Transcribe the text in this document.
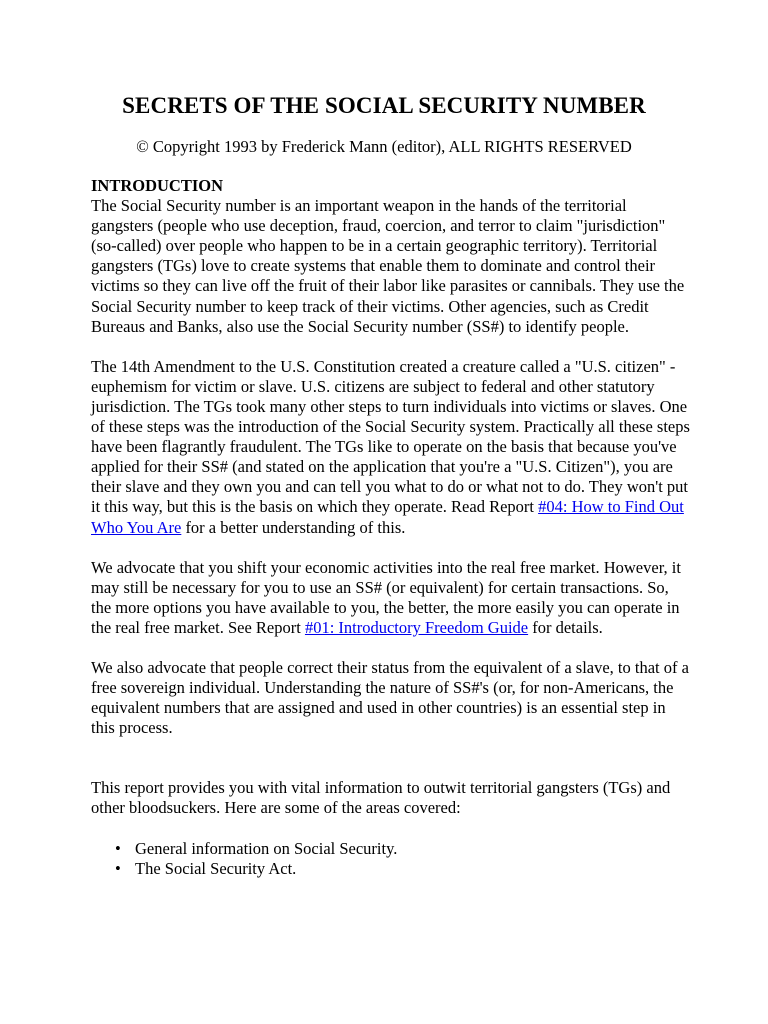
SECRETS OF THE SOCIAL SECURITY NUMBER

© Copyright 1993 by Frederick Mann (editor), ALL RIGHTS RESERVED

INTRODUCTION
The Social Security number is an important weapon in the hands of the territorial gangsters (people who use deception, fraud, coercion, and terror to claim "jurisdiction" (so-called) over people who happen to be in a certain geographic territory). Territorial gangsters (TGs) love to create systems that enable them to dominate and control their victims so they can live off the fruit of their labor like parasites or cannibals. They use the Social Security number to keep track of their victims. Other agencies, such as Credit Bureaus and Banks, also use the Social Security number (SS#) to identify people.

The 14th Amendment to the U.S. Constitution created a creature called a "U.S. citizen" - euphemism for victim or slave. U.S. citizens are subject to federal and other statutory jurisdiction. The TGs took many other steps to turn individuals into victims or slaves. One of these steps was the introduction of the Social Security system. Practically all these steps have been flagrantly fraudulent. The TGs like to operate on the basis that because you've applied for their SS# (and stated on the application that you're a "U.S. Citizen"), you are their slave and they own you and can tell you what to do or what not to do. They won't put it this way, but this is the basis on which they operate. Read Report #04: How to Find Out Who You Are for a better understanding of this.

We advocate that you shift your economic activities into the real free market. However, it may still be necessary for you to use an SS# (or equivalent) for certain transactions. So, the more options you have available to you, the better, the more easily you can operate in the real free market. See Report #01: Introductory Freedom Guide for details.

We also advocate that people correct their status from the equivalent of a slave, to that of a free sovereign individual. Understanding the nature of SS#'s (or, for non-Americans, the equivalent numbers that are assigned and used in other countries) is an essential step in this process.

This report provides you with vital information to outwit territorial gangsters (TGs) and other bloodsuckers. Here are some of the areas covered:

• General information on Social Security.
• The Social Security Act.
